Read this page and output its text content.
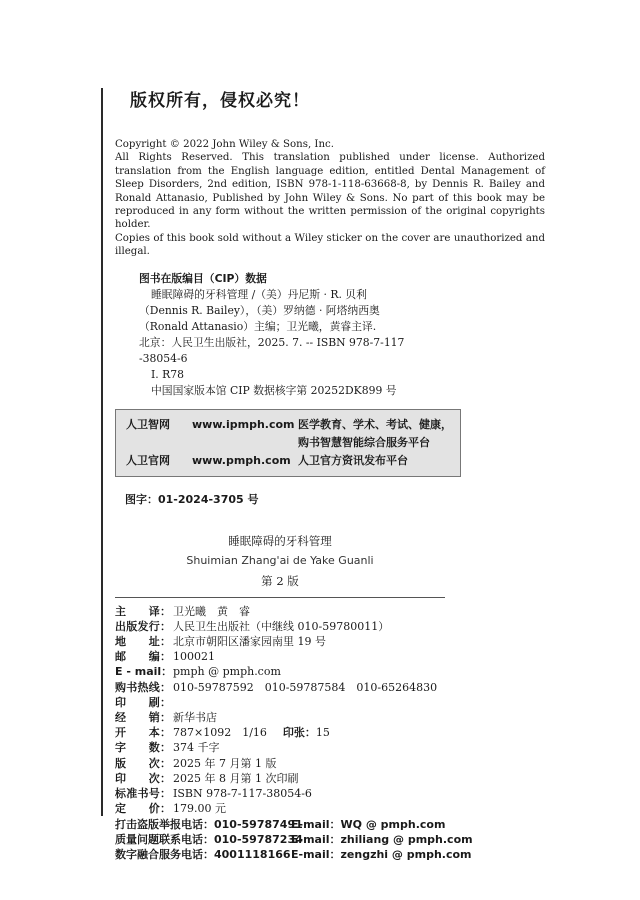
版权所有，侵权必究！

Copyright © 2022 John Wiley & Sons, Inc.

All Rights Reserved. This translation published under license. Authorized translation from the English language edition, entitled Dental Management of Sleep Disorders, 2nd edition, ISBN 978-1-118-63668-8, by Dennis R. Bailey and Ronald Attanasio, Published by John Wiley & Sons. No part of this book may be reproduced in any form without the written permission of the original copyrights holder.

Copies of this book sold without a Wiley sticker on the cover are unauthorized and illegal.

图书在版编目（CIP）数据
睡眠障碍的牙科管理 /（美）丹尼斯 · R. 贝利
（Dennis R. Bailey），（美）罗纳德 · 阿塔纳西奥
（Ronald Attanasio）主编；卫光曦，黄睿主译.
北京：人民卫生出版社，2025. 7. -- ISBN 978-7-117
-38054-6
Ⅰ. R78
中国国家版本馆 CIP 数据核字第 20252DK899 号
人卫智网	www.ipmph.com 医学教育、学术、考试、健康，
购书智慧智能综合服务平台
人卫官网	www.pmph.com 人卫官方资讯发布平台
图字：01-2024-3705 号
睡眠障碍的牙科管理
Shuimian Zhang'ai de Yake Guanli
第 2 版
主　　译： 卫光曦　黄　睿
出版发行： 人民卫生出版社（中继线 010-59780011）
地　　址： 北京市朝阳区潘家园南里 19 号
邮　　编： 100021
E - mail： pmph @ pmph.com
购书热线： 010-59787592　010-59787584　010-65264830
印　　刷：
经　　销： 新华书店
开　　本： 787×1092　1/16 印张： 15
字　　数： 374 千字
版　　次： 2025 年 7 月第 1 版
印　　次： 2025 年 8 月第 1 次印刷
标准书号： ISBN 978-7-117-38054-6
定　　价： 179.00 元
打击盗版举报电话：010-59787491
E-mail：WQ @ pmph.com
质量问题联系电话：010-59787234
E-mail：zhiliang @ pmph.com
数字融合服务电话：4001118166 E-mail：zengzhi @ pmph.com
